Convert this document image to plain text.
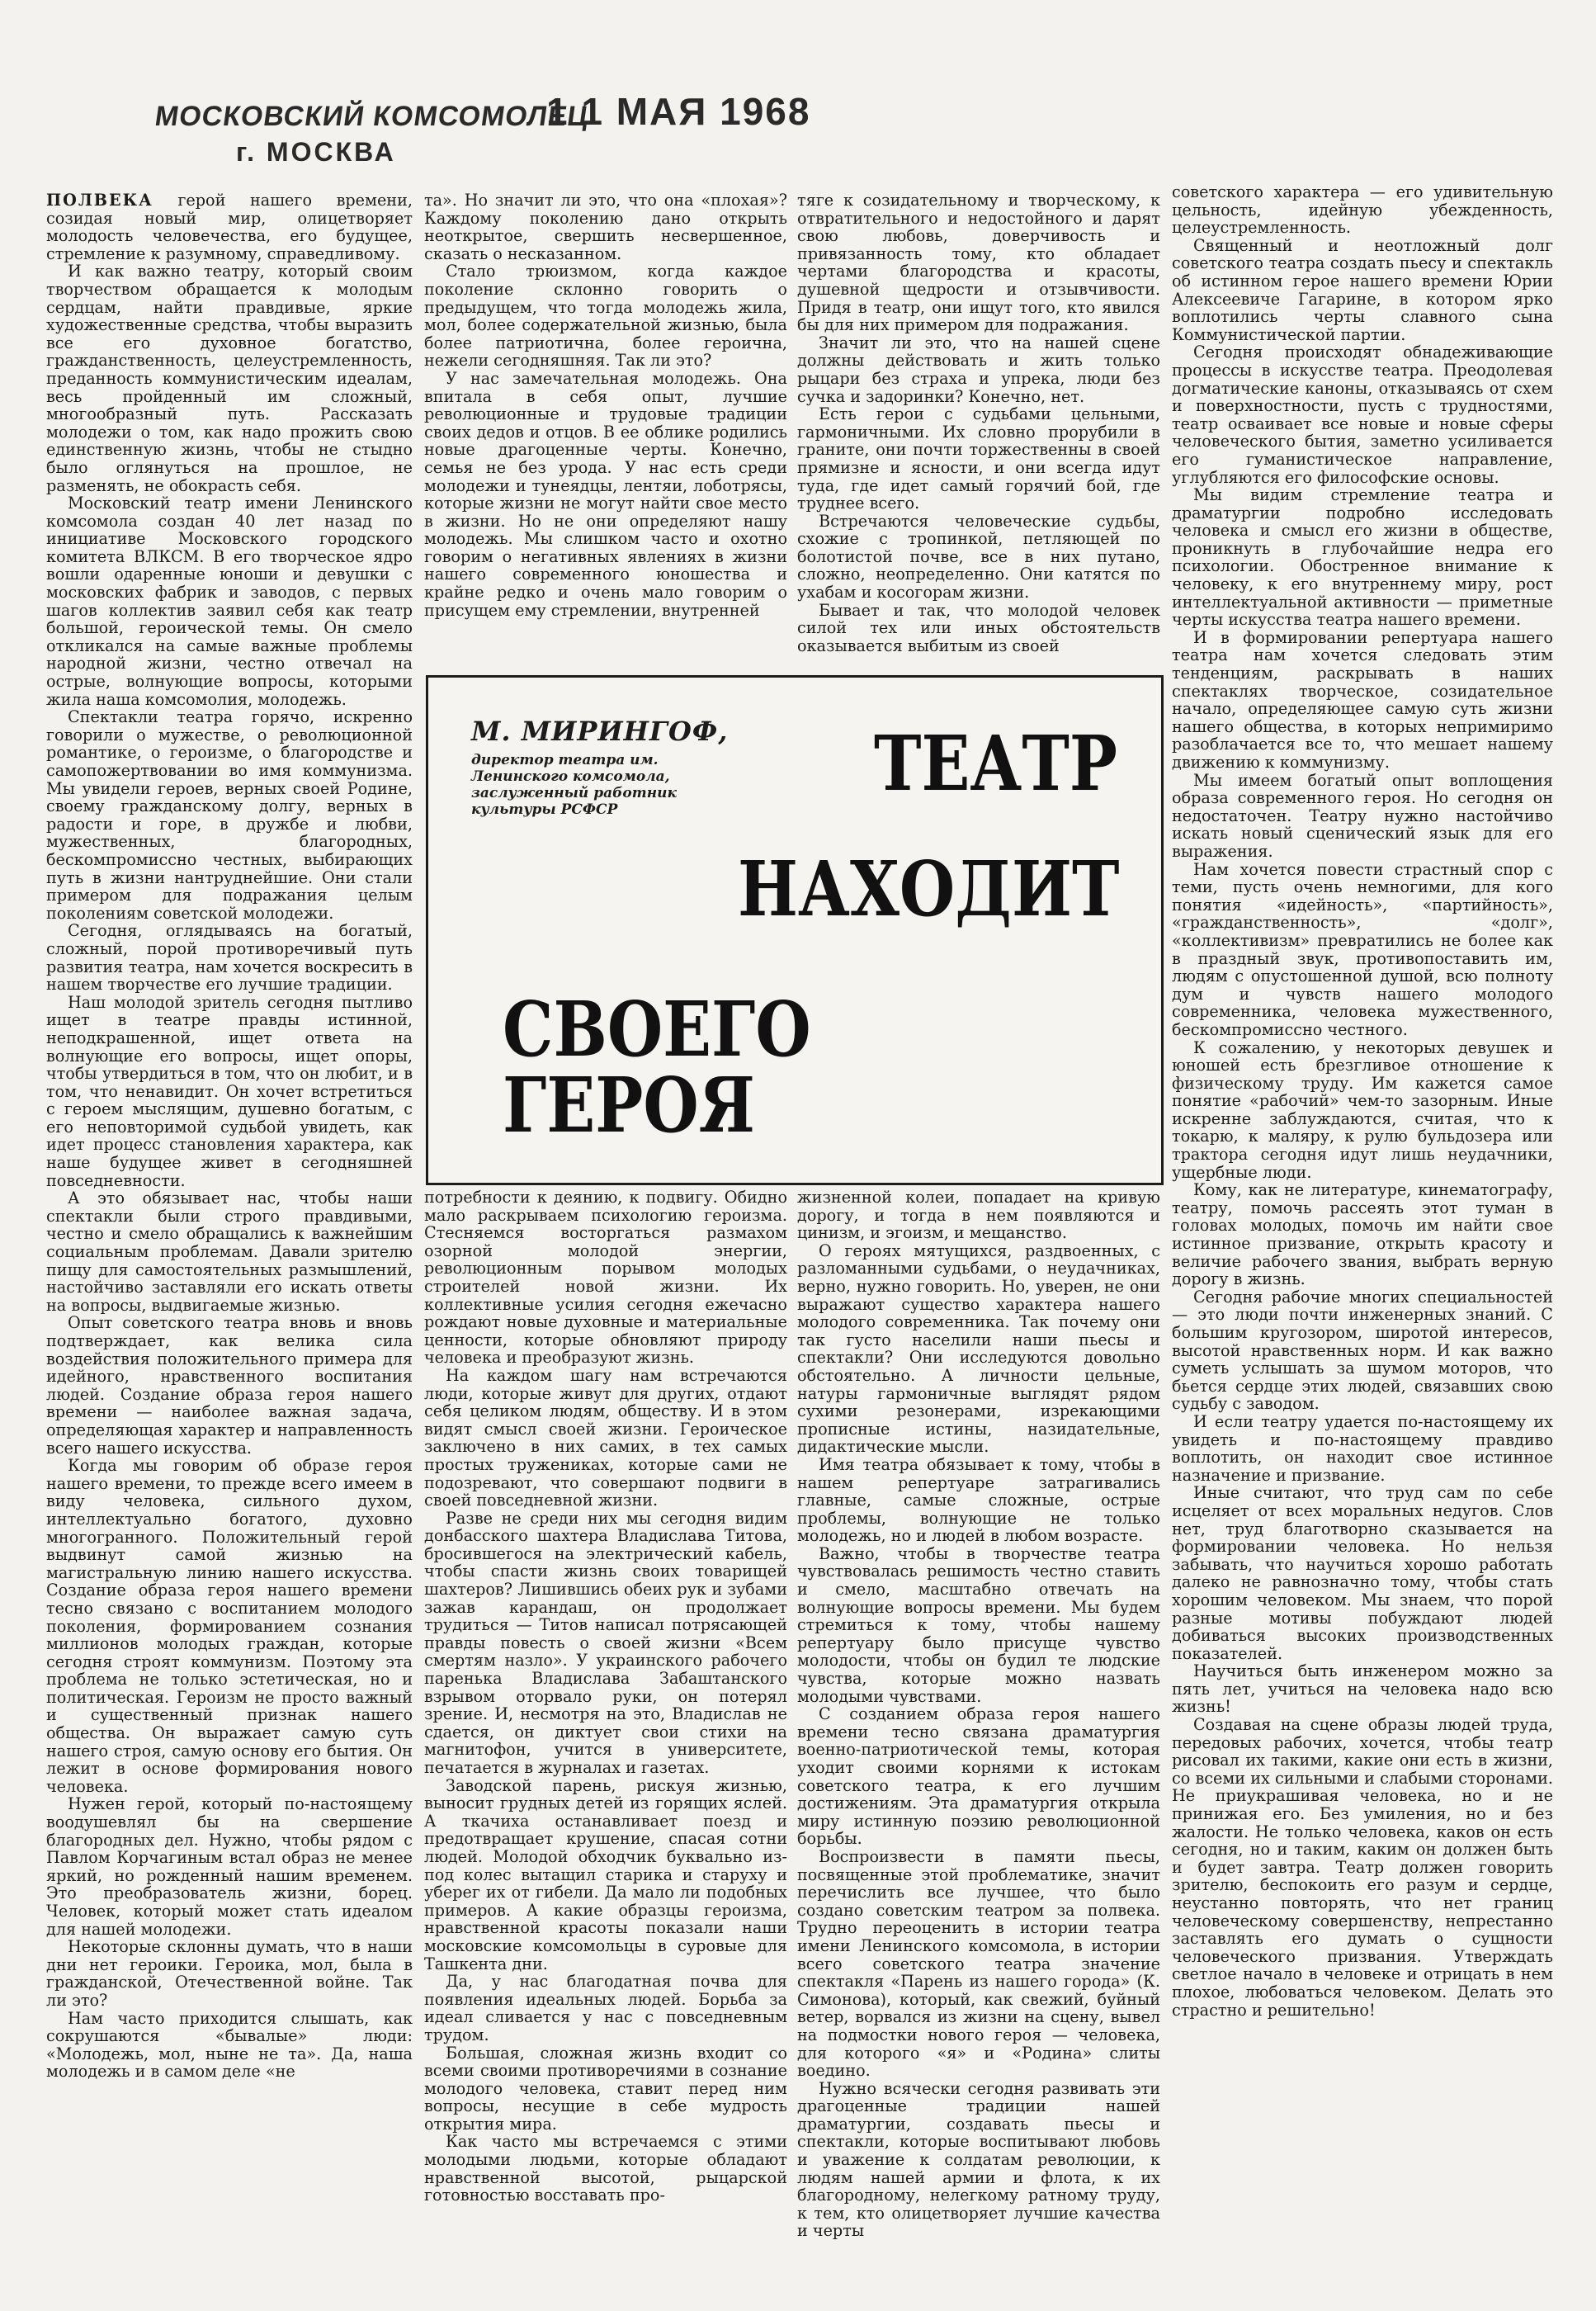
МОСКОВСКИЙ КОМСОМОЛЕЦ
1 1 МАЯ 1968
г. МОСКВА

ПОЛВЕКА герой нашего времени, созидая новый мир, олицетворяет молодость человечества, его будущее, стремление к разумному, справедливому.

И как важно театру, который своим творчеством обращается к молодым сердцам, найти правдивые, яркие художественные средства, чтобы выразить все его духовное богатство, гражданственность, целеустремленность, преданность коммунистическим идеалам, весь пройденный им сложный, многообразный путь. Рассказать молодежи о том, как надо прожить свою единственную жизнь, чтобы не стыдно было оглянуться на прошлое, не разменять, не обокрасть себя.

Московский театр имени Ленинского комсомола создан 40 лет назад по инициативе Московского городского комитета ВЛКСМ. В его творческое ядро вошли одаренные юноши и девушки с московских фабрик и заводов, с первых шагов коллектив заявил себя как театр большой, героической темы. Он смело откликался на самые важные проблемы народной жизни, честно отвечал на острые, волнующие вопросы, которыми жила наша комсомолия, молодежь.

Спектакли театра горячо, искренно говорили о мужестве, о революционной романтике, о героизме, о благородстве и самопожертвовании во имя коммунизма. Мы увидели героев, верных своей Родине, своему гражданскому долгу, верных в радости и горе, в дружбе и любви, мужественных, благородных, бескомпромиссно честных, выбирающих путь в жизни нантруднейшие. Они стали примером для подражания целым поколениям советской молодежи.

Сегодня, оглядываясь на богатый, сложный, порой противоречивый путь развития театра, нам хочется воскресить в нашем творчестве его лучшие традиции.

Наш молодой зритель сегодня пытливо ищет в театре правды истинной, неподкрашенной, ищет ответа на волнующие его вопросы, ищет опоры, чтобы утвердиться в том, что он любит, и в том, что ненавидит. Он хочет встретиться с героем мыслящим, душевно богатым, с его неповторимой судьбой увидеть, как идет процесс становления характера, как наше будущее живет в сегодняшней повседневности.

А это обязывает нас, чтобы наши спектакли были строго правдивыми, честно и смело обращались к важнейшим социальным проблемам. Давали зрителю пищу для самостоятельных размышлений, настойчиво заставляли его искать ответы на вопросы, выдвигаемые жизнью.

Опыт советского театра вновь и вновь подтверждает, как велика сила воздействия положительного примера для идейного, нравственного воспитания людей. Создание образа героя нашего времени — наиболее важная задача, определяющая характер и направленность всего нашего искусства.

Когда мы говорим об образе героя нашего времени, то прежде всего имеем в виду человека, сильного духом, интеллектуально богатого, духовно многогранного. Положительный герой выдвинут самой жизнью на магистральную линию нашего искусства. Создание образа героя нашего времени тесно связано с воспитанием молодого поколения, формированием сознания миллионов молодых граждан, которые сегодня строят коммунизм. Поэтому эта проблема не только эстетическая, но и политическая. Героизм не просто важный и существенный признак нашего общества. Он выражает самую суть нашего строя, самую основу его бытия. Он лежит в основе формирования нового человека.

Нужен герой, который по-настоящему воодушевлял бы на свершение благородных дел. Нужно, чтобы рядом с Павлом Корчагиным встал образ не менее яркий, но рожденный нашим временем. Это преобразователь жизни, борец. Человек, который может стать идеалом для нашей молодежи.

Некоторые склонны думать, что в наши дни нет героики. Героика, мол, была в гражданской, Отечественной войне. Так ли это?

Нам часто приходится слышать, как сокрушаются «бывалые» люди: «Молодежь, мол, ныне не та». Да, наша молодежь и в самом деле «не

та». Но значит ли это, что она «плохая»? Каждому поколению дано открыть неоткрытое, свершить несвершенное, сказать о несказанном.

Стало трюизмом, когда каждое поколение склонно говорить о предыдущем, что тогда молодежь жила, мол, более содержательной жизнью, была более патриотична, более героична, нежели сегодняшняя. Так ли это?

У нас замечательная молодежь. Она впитала в себя опыт, лучшие революционные и трудовые традиции своих дедов и отцов. В ее облике родились новые драгоценные черты. Конечно, семья не без урода. У нас есть среди молодежи и тунеядцы, лентяи, лоботрясы, которые жизни не могут найти свое место в жизни. Но не они определяют нашу молодежь. Мы слишком часто и охотно говорим о негативных явлениях в жизни нашего современного юношества и крайне редко и очень мало говорим о присущем ему стремлении, внутренней

тяге к созидательному и творческому, к отвратительного и недостойного и дарят свою любовь, доверчивость и привязанность тому, кто обладает чертами благородства и красоты, душевной щедрости и отзывчивости. Придя в театр, они ищут того, кто явился бы для них примером для подражания.

Значит ли это, что на нашей сцене должны действовать и жить только рыцари без страха и упрека, люди без сучка и задоринки? Конечно, нет.

Есть герои с судьбами цельными, гармоничными. Их словно прорубили в граните, они почти торжественны в своей прямизне и ясности, и они всегда идут туда, где идет самый горячий бой, где труднее всего.

Встречаются человеческие судьбы, схожие с тропинкой, петляющей по болотистой почве, все в них путано, сложно, неопределенно. Они катятся по ухабам и косогорам жизни.

Бывает и так, что молодой человек силой тех или иных обстоятельств оказывается выбитым из своей

советского характера — его удивительную цельность, идейную убежденность, целеустремленность.

Священный и неотложный долг советского театра создать пьесу и спектакль об истинном герое нашего времени Юрии Алексеевиче Гагарине, в котором ярко воплотились черты славного сына Коммунистической партии.

Сегодня происходят обнадеживающие процессы в искусстве театра. Преодолевая догматические каноны, отказываясь от схем и поверхностности, пусть с трудностями, театр осваивает все новые и новые сферы человеческого бытия, заметно усиливается его гуманистическое направление, углубляются его философские основы.

Мы видим стремление театра и драматургии подробно исследовать человека и смысл его жизни в обществе, проникнуть в глубочайшие недра его психологии. Обостренное внимание к человеку, к его внутреннему миру, рост интеллектуальной активности — приметные черты искусства театра нашего времени.

И в формировании репертуара нашего театра нам хочется следовать этим тенденциям, раскрывать в наших спектаклях творческое, созидательное начало, определяющее самую суть жизни нашего общества, в которых непримиримо разоблачается все то, что мешает нашему движению к коммунизму.

Мы имеем богатый опыт воплощения образа современного героя. Но сегодня он недостаточен. Театру нужно настойчиво искать новый сценический язык для его выражения.

Нам хочется повести страстный спор с теми, пусть очень немногими, для кого понятия «идейность», «партийность», «гражданственность», «долг», «коллективизм» превратились не более как в праздный звук, противопоставить им, людям с опустошенной душой, всю полноту дум и чувств нашего молодого современника, человека мужественного, бескомпромиссно честного.

К сожалению, у некоторых девушек и юношей есть брезгливое отношение к физическому труду. Им кажется самое понятие «рабочий» чем-то зазорным. Иные искренне заблуждаются, считая, что к токарю, к маляру, к рулю бульдозера или трактора сегодня идут лишь неудачники, ущербные люди.

Кому, как не литературе, кинематографу, театру, помочь рассеять этот туман в головах молодых, помочь им найти свое истинное призвание, открыть красоту и величие рабочего звания, выбрать верную дорогу в жизнь.

Сегодня рабочие многих специальностей — это люди почти инженерных знаний. С большим кругозором, широтой интересов, высотой нравственных норм. И как важно суметь услышать за шумом моторов, что бьется сердце этих людей, связавших свою судьбу с заводом.

И если театру удается по-настоящему их увидеть и по-настоящему правдиво воплотить, он находит свое истинное назначение и призвание.

Иные считают, что труд сам по себе исцеляет от всех моральных недугов. Слов нет, труд благотворно сказывается на формировании человека. Но нельзя забывать, что научиться хорошо работать далеко не равнозначно тому, чтобы стать хорошим человеком. Мы знаем, что порой разные мотивы побуждают людей добиваться высоких производственных показателей.

Научиться быть инженером можно за пять лет, учиться на человека надо всю жизнь!

Создавая на сцене образы людей труда, передовых рабочих, хочется, чтобы театр рисовал их такими, какие они есть в жизни, со всеми их сильными и слабыми сторонами. Не приукрашивая человека, но и не принижая его. Без умиления, но и без жалости. Не только человека, каков он есть сегодня, но и таким, каким он должен быть и будет завтра. Театр должен говорить зрителю, беспокоить его разум и сердце, неустанно повторять, что нет границ человеческому совершенству, непрестанно заставлять его думать о сущности человеческого призвания. Утверждать светлое начало в человеке и отрицать в нем плохое, любоваться человеком. Делать это страстно и решительно!

М. МИРИНГОФ,
директор театра им. Ленинского комсомола, заслуженный работник культуры РСФСР
ТЕАТР
НАХОДИТ
СВОЕГО ГЕРОЯ

потребности к деянию, к подвигу. Обидно мало раскрываем психологию героизма. Стесняемся восторгаться размахом озорной молодой энергии, революционным порывом молодых строителей новой жизни. Их коллективные усилия сегодня ежечасно рождают новые духовные и материальные ценности, которые обновляют природу человека и преобразуют жизнь.

На каждом шагу нам встречаются люди, которые живут для других, отдают себя целиком людям, обществу. И в этом видят смысл своей жизни. Героическое заключено в них самих, в тех самых простых тружениках, которые сами не подозревают, что совершают подвиги в своей повседневной жизни.

Разве не среди них мы сегодня видим донбасского шахтера Владислава Титова, бросившегося на электрический кабель, чтобы спасти жизнь своих товарищей шахтеров? Лишившись обеих рук и зубами зажав карандаш, он продолжает трудиться — Титов написал потрясающей правды повесть о своей жизни «Всем смертям назло». У украинского рабочего паренька Владислава Забаштанского взрывом оторвало руки, он потерял зрение. И, несмотря на это, Владислав не сдается, он диктует свои стихи на магнитофон, учится в университете, печатается в журналах и газетах.

Заводской парень, рискуя жизнью, выносит грудных детей из горящих яслей. А ткачиха останавливает поезд и предотвращает крушение, спасая сотни людей. Молодой обходчик буквально из-под колес вытащил старика и старуху и уберег их от гибели. Да мало ли подобных примеров. А какие образцы героизма, нравственной красоты показали наши московские комсомольцы в суровые для Ташкента дни.

Да, у нас благодатная почва для появления идеальных людей. Борьба за идеал сливается у нас с повседневным трудом.

Большая, сложная жизнь входит со всеми своими противоречиями в сознание молодого человека, ставит перед ним вопросы, несущие в себе мудрость открытия мира.

Как часто мы встречаемся с этими молодыми людьми, которые обладают нравственной высотой, рыцарской готовностью восставать про-

жизненной колеи, попадает на кривую дорогу, и тогда в нем появляются и цинизм, и эгоизм, и мещанство.

О героях мятущихся, раздвоенных, с разломанными судьбами, о неудачниках, верно, нужно говорить. Но, уверен, не они выражают существо характера нашего молодого современника. Так почему они так густо населили наши пьесы и спектакли? Они исследуются довольно обстоятельно. А личности цельные, натуры гармоничные выглядят рядом сухими резонерами, изрекающими прописные истины, назидательные, дидактические мысли.

Имя театра обязывает к тому, чтобы в нашем репертуаре затрагивались главные, самые сложные, острые проблемы, волнующие не только молодежь, но и людей в любом возрасте.

Важно, чтобы в творчестве театра чувствовалась решимость честно ставить и смело, масштабно отвечать на волнующие вопросы времени. Мы будем стремиться к тому, чтобы нашему репертуару было присуще чувство молодости, чтобы он будил те людские чувства, которые можно назвать молодыми чувствами.

С созданием образа героя нашего времени тесно связана драматургия военно-патриотической темы, которая уходит своими корнями к истокам советского театра, к его лучшим достижениям. Эта драматургия открыла миру истинную поэзию революционной борьбы.

Воспроизвести в памяти пьесы, посвященные этой проблематике, значит перечислить все лучшее, что было создано советским театром за полвека. Трудно переоценить в истории театра имени Ленинского комсомола, в истории всего советского театра значение спектакля «Парень из нашего города» (К. Симонова), который, как свежий, буйный ветер, ворвался из жизни на сцену, вывел на подмостки нового героя — человека, для которого «я» и «Родина» слиты воедино.

Нужно всячески сегодня развивать эти драгоценные традиции нашей драматургии, создавать пьесы и спектакли, которые воспитывают любовь и уважение к солдатам революции, к людям нашей армии и флота, к их благородному, нелегкому ратному труду, к тем, кто олицетворяет лучшие качества и черты
